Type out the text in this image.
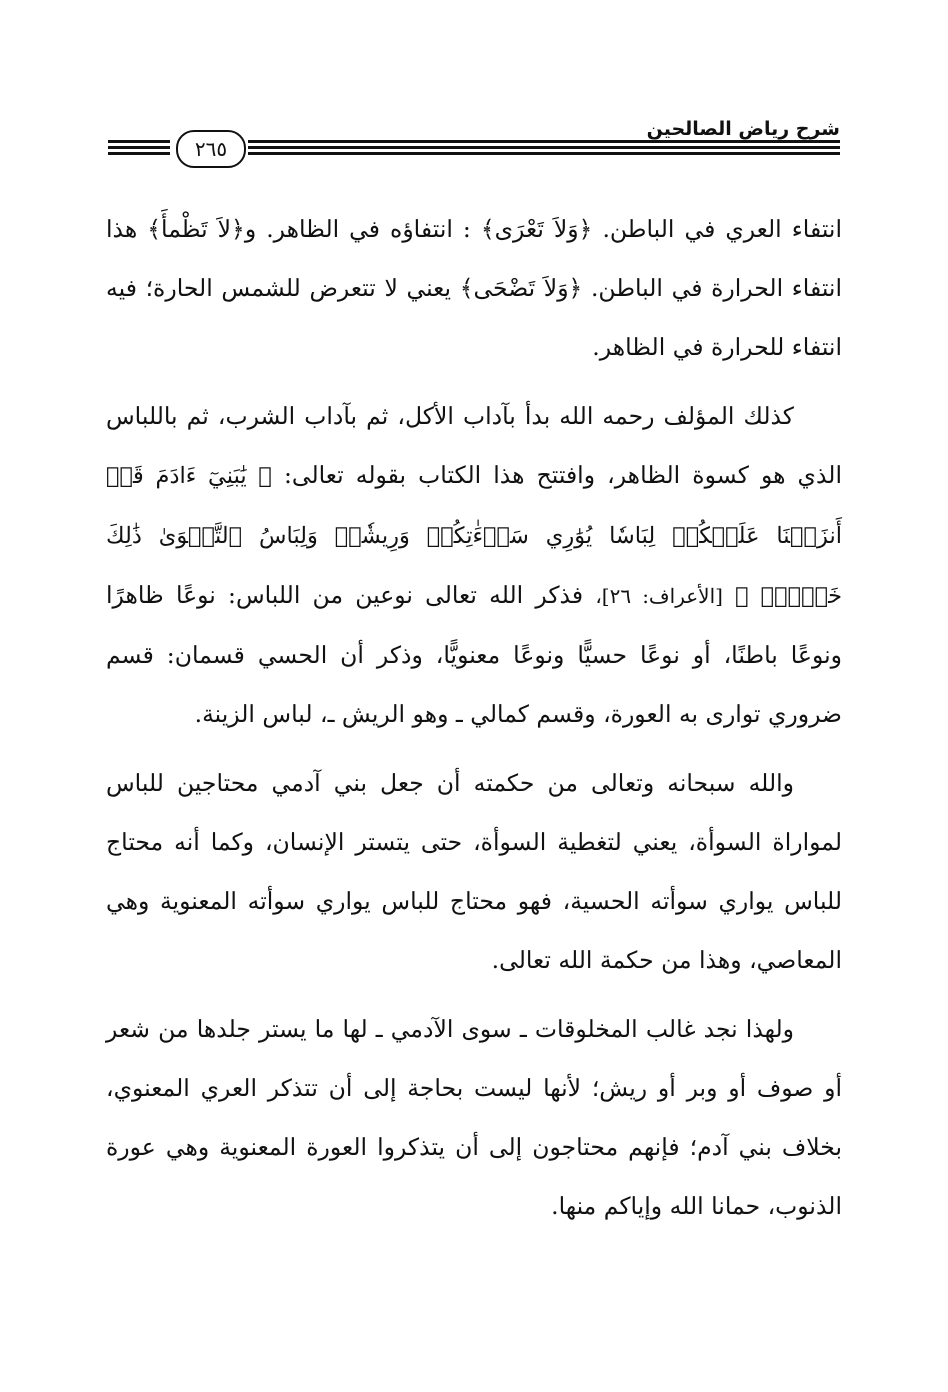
شرح رياض الصالحين
٢٦٥

انتفاء العري في الباطن. ﴿وَلاَ تَعْرَى﴾ : انتفاؤه في الظاهر. و﴿لاَ تَظْمأَ﴾ هذا انتفاء الحرارة في الباطن. ﴿وَلاَ تَضْحَى﴾ يعني لا تتعرض للشمس الحارة؛ فيه انتفاء للحرارة في الظاهر.

كذلك المؤلف رحمه الله بدأ بآداب الأكل، ثم بآداب الشرب، ثم باللباس الذي هو كسوة الظاهر، وافتتح هذا الكتاب بقوله تعالى: ﴿ يَٰبَنِيٓ ءَادَمَ قَدۡ أَنزَلۡنَا عَلَيۡكُمۡ لِبَاسٗا يُوَٰرِي سَوۡءَٰتِكُمۡ وَرِيشٗاۖ وَلِبَاسُ ٱلتَّقۡوَىٰ ذَٰلِكَ خَيۡرٞۚ ﴾ [الأعراف: ٢٦]، فذكر الله تعالى نوعين من اللباس: نوعًا ظاهرًا ونوعًا باطنًا، أو نوعًا حسيًّا ونوعًا معنويًّا، وذكر أن الحسي قسمان: قسم ضروري توارى به العورة، وقسم كمالي ـ وهو الريش ـ، لباس الزينة.

والله سبحانه وتعالى من حكمته أن جعل بني آدمي محتاجين للباس لمواراة السوأة، يعني لتغطية السوأة، حتى يتستر الإنسان، وكما أنه محتاج للباس يواري سوأته الحسية، فهو محتاج للباس يواري سوأته المعنوية وهي المعاصي، وهذا من حكمة الله تعالى.

ولهذا نجد غالب المخلوقات ـ سوى الآدمي ـ لها ما يستر جلدها من شعر أو صوف أو وبر أو ريش؛ لأنها ليست بحاجة إلى أن تتذكر العري المعنوي، بخلاف بني آدم؛ فإنهم محتاجون إلى أن يتذكروا العورة المعنوية وهي عورة الذنوب، حمانا الله وإياكم منها.
